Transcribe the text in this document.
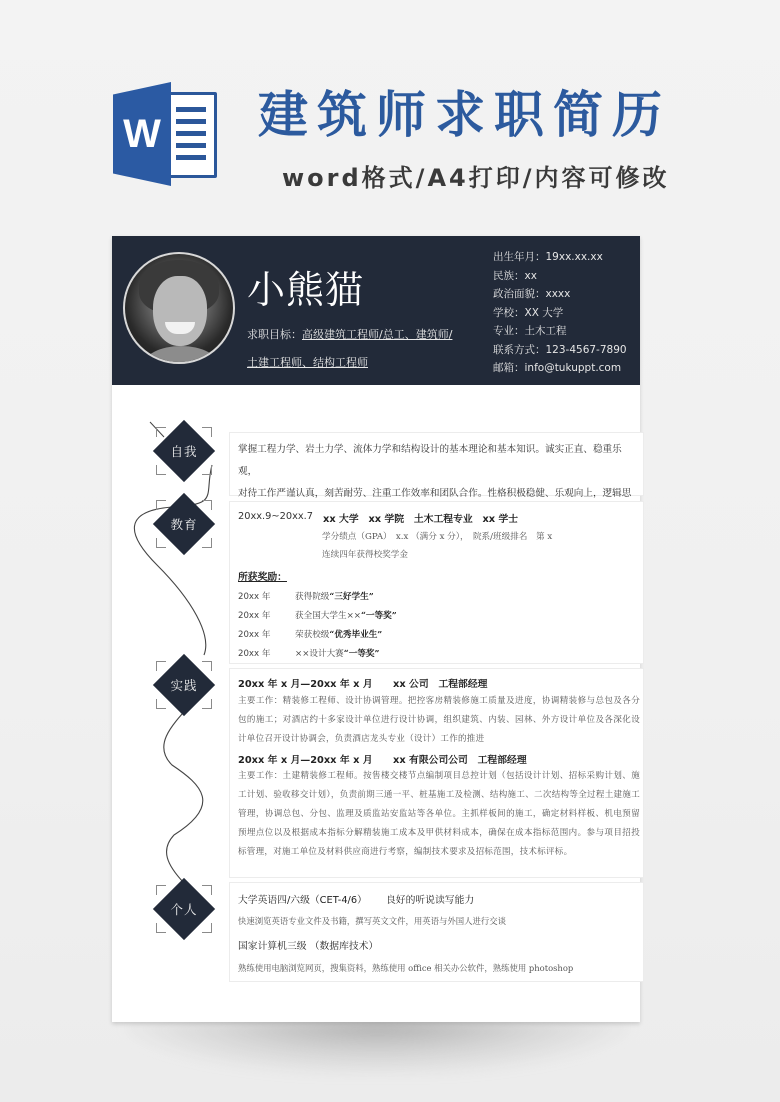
W 建筑师求职简历
word格式/A4打印/内容可修改
小熊猫
求职目标：高级建筑工程师/总工、建筑师/
土建工程师、结构工程师
出生年月：19xx.xx.xx
民族：xx
政治面貌：xxxx
学校：XX 大学
专业：土木工程
联系方式：123-4567-7890
邮箱：info@tukuppt.com
自我
教育
实践
个人
掌握工程力学、岩土力学、流体力学和结构设计的基本理论和基本知识。诚实正直、稳重乐观，
对待工作严谨认真，刻苦耐劳、注重工作效率和团队合作。性格积极稳健、乐观向上，逻辑思
20xx.9~20xx.7 xx 大学　xx 学院　土木工程专业　xx 学士
学分绩点（GPA）　x.x （满分 x 分），　院系/班级排名　第 x
连续四年获得校奖学金
所获奖励：
20xx 年	获得院级“三好学生”
20xx 年	获全国大学生××“一等奖”
20xx 年	荣获校级“优秀毕业生”
20xx 年	××设计大赛“一等奖”
20xx 年 x 月—20xx 年 x 月 xx 公司　工程部经理
主要工作：精装修工程师、设计协调管理。把控客房精装修施工质量及进度，协调精装修与总包及各分包的施工；对酒店约十多家设计单位进行设计协调，组织建筑、内装、园林、外方设计单位及各深化设计单位召开设计协调会，负责酒店龙头专业（设计）工作的推进
20xx 年 x 月—20xx 年 x 月 xx 有限公司公司　工程部经理
主要工作：土建精装修工程师。按售楼交楼节点编制项目总控计划（包括设计计划、招标采购计划、施工计划、验收移交计划），负责前期三通一平、桩基施工及检测、结构施工、二次结构等全过程土建施工管理，协调总包、分包、监理及质监站安监站等各单位。主抓样板间的施工，确定材料样板、机电预留预埋点位以及根据成本指标分解精装施工成本及甲供材料成本，确保在成本指标范围内。参与项目招投标管理，对施工单位及材料供应商进行考察，编制技术要求及招标范围，技术标评标。
大学英语四/六级（CET-4/6） 良好的听说读写能力
快速浏览英语专业文件及书籍，撰写英文文件，用英语与外国人进行交谈
国家计算机三级 （数据库技术）
熟练使用电脑浏览网页，搜集资料，熟练使用 office 相关办公软件，熟练使用 photoshop
